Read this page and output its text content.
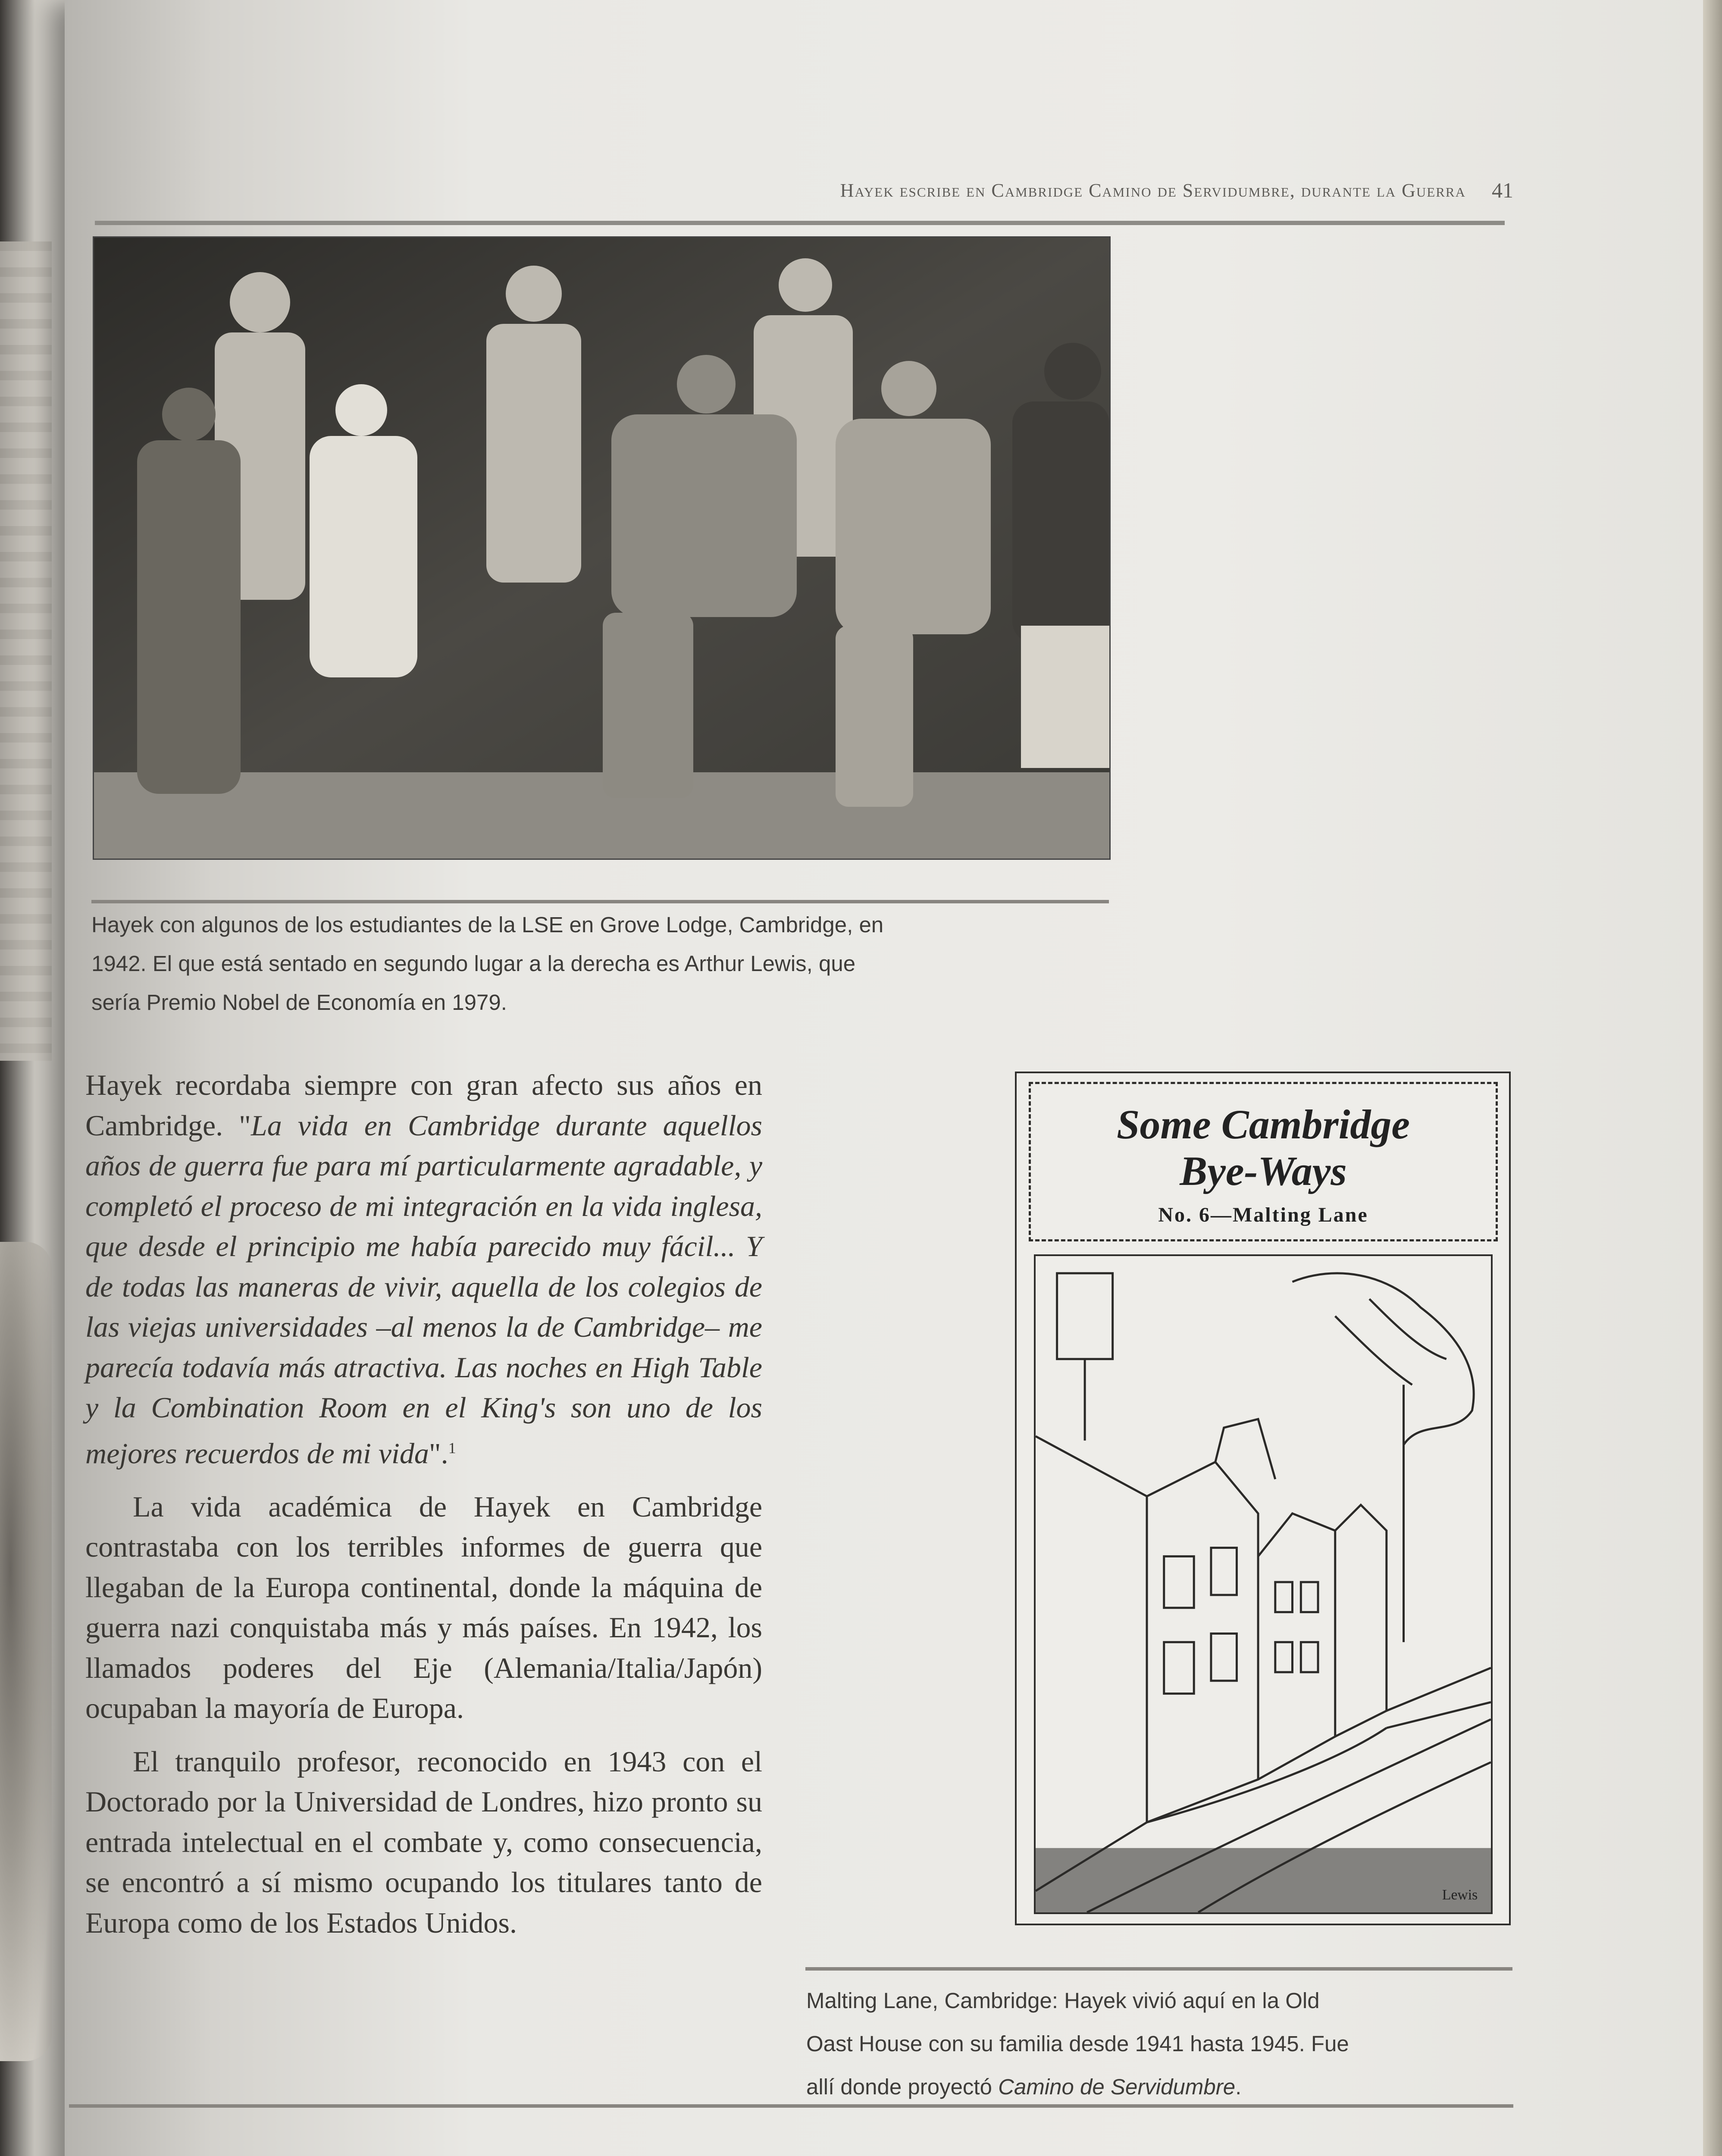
Hayek escribe en Cambridge Camino de Servidumbre, durante la Guerra 41
Hayek con algunos de los estudiantes de la LSE en Grove Lodge, Cambridge, en
1942. El que está sentado en segundo lugar a la derecha es Arthur Lewis, que
sería Premio Nobel de Economía en 1979.

Hayek recordaba siempre con gran afecto sus años en Cambridge. "La vida en Cambridge durante aquellos años de guerra fue para mí particularmente agradable, y completó el proceso de mi integración en la vida inglesa, que desde el principio me había parecido muy fácil... Y de todas las maneras de vivir, aquella de los colegios de las viejas universidades –al menos la de Cambridge– me parecía todavía más atractiva. Las noches en High Table y la Combination Room en el King's son uno de los mejores recuerdos de mi vida".$^1$

La vida académica de Hayek en Cambridge contrastaba con los terribles informes de guerra que llegaban de la Europa continental, donde la máquina de guerra nazi conquistaba más y más países. En 1942, los llamados poderes del Eje (Alemania/Italia/Japón) ocupaban la mayoría de Europa.

El tranquilo profesor, reconocido en 1943 con el Doctorado por la Universidad de Londres, hizo pronto su entrada intelectual en el combate y, como consecuencia, se encontró a sí mismo ocupando los titulares tanto de Europa como de los Estados Unidos.

Some Cambridge
Bye-Ways
No. 6—Malting Lane
Lewis
Malting Lane, Cambridge: Hayek vivió aquí en la Old
Oast House con su familia desde 1941 hasta 1945. Fue
allí donde proyectó Camino de Servidumbre.
